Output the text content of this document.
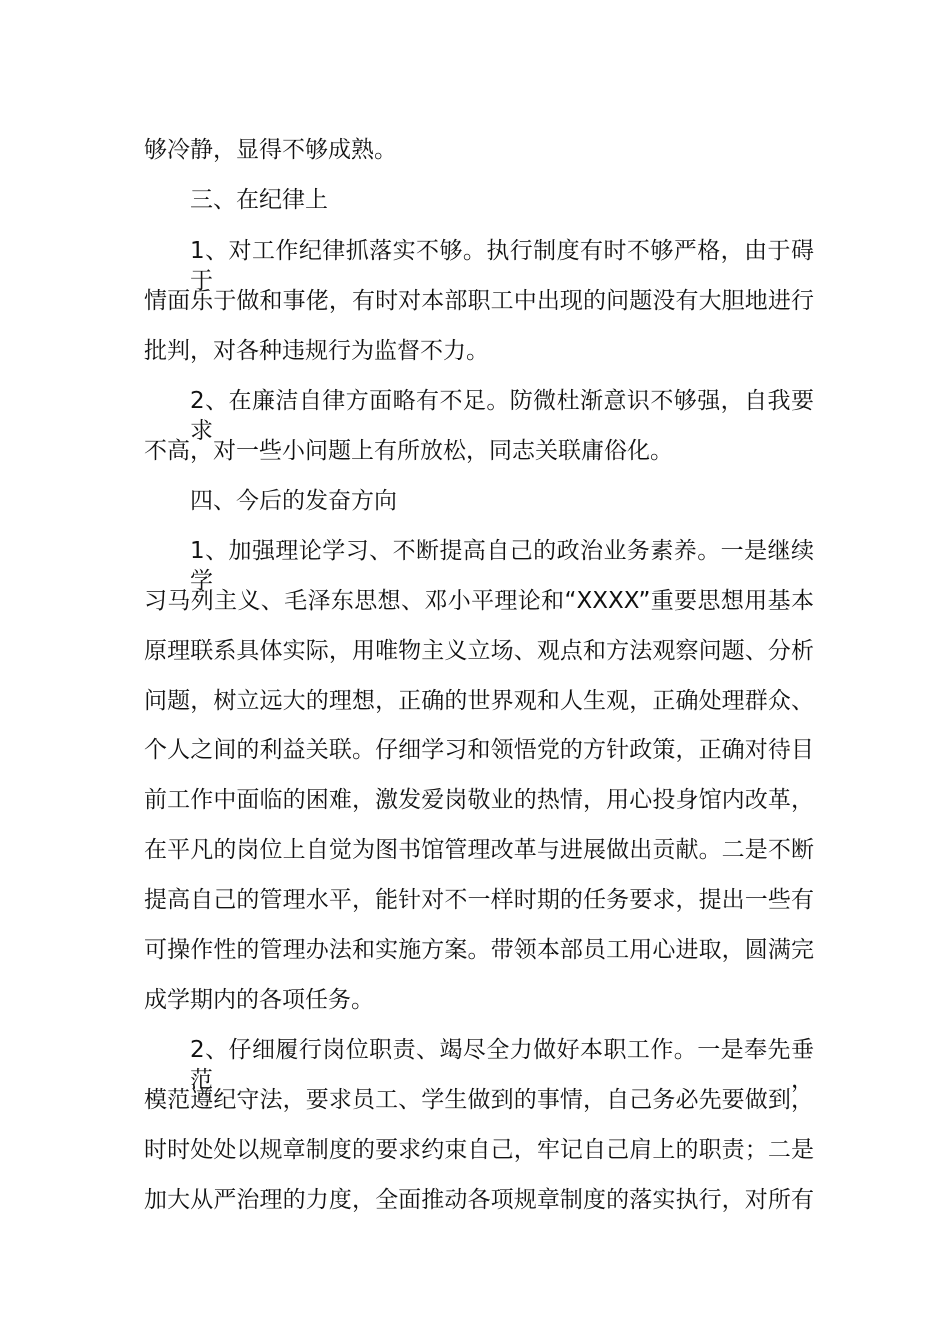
够冷静，显得不够成熟。
三、在纪律上
1、对工作纪律抓落实不够。执行制度有时不够严格，由于碍于
情面乐于做和事佬，有时对本部职工中出现的问题没有大胆地进行
批判，对各种违规行为监督不力。
2、在廉洁自律方面略有不足。防微杜渐意识不够强，自我要求
不高，对一些小问题上有所放松，同志关联庸俗化。
四、今后的发奋方向
1、加强理论学习、不断提高自己的政治业务素养。一是继续学
习马列主义、毛泽东思想、邓小平理论和“XXXX”重要思想用基本
原理联系具体实际，用唯物主义立场、观点和方法观察问题、分析
问题，树立远大的理想，正确的世界观和人生观，正确处理群众、
个人之间的利益关联。仔细学习和领悟党的方针政策，正确对待目
前工作中面临的困难，激发爱岗敬业的热情，用心投身馆内改革，
在平凡的岗位上自觉为图书馆管理改革与进展做出贡献。二是不断
提高自己的管理水平，能针对不一样时期的任务要求，提出一些有
可操作性的管理办法和实施方案。带领本部员工用心进取，圆满完
成学期内的各项任务。
2、仔细履行岗位职责、竭尽全力做好本职工作。一是奉先垂范，
模范遵纪守法，要求员工、学生做到的事情，自己务必先要做到，
时时处处以规章制度的要求约束自己，牢记自己肩上的职责；二是
加大从严治理的力度，全面推动各项规章制度的落实执行，对所有
